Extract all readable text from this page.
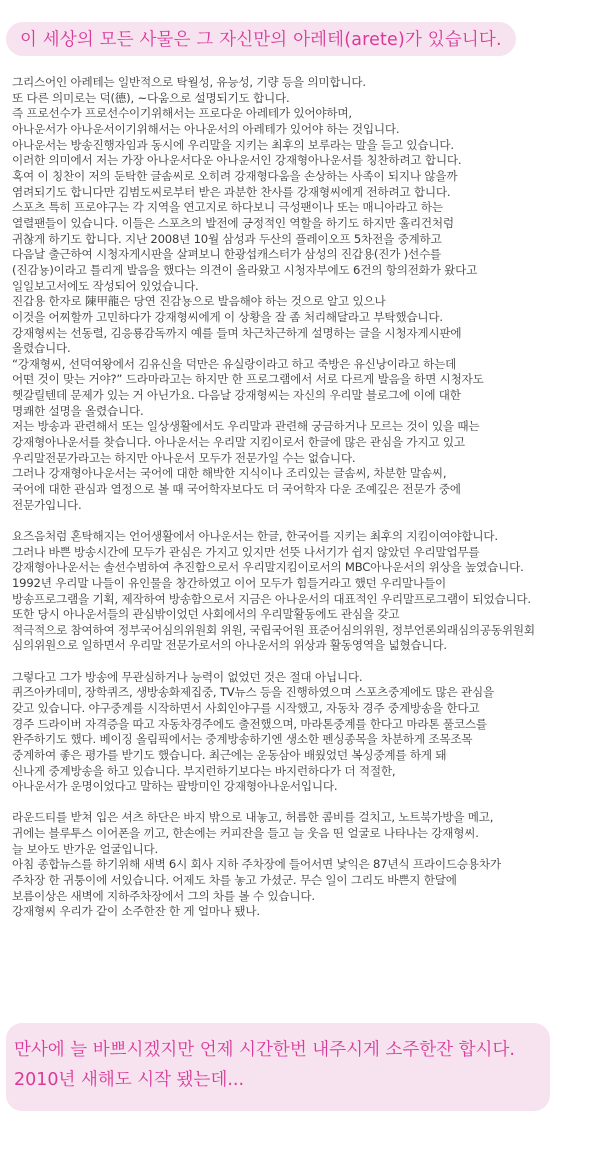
이 세상의 모든 사물은 그 자신만의 아레테(arete)가 있습니다.
그리스어인 아레테는 일반적으로 탁월성, 유능성, 기량 등을 의미합니다.
또 다른 의미로는 덕(德), ~다움으로 설명되기도 합니다.
즉 프로선수가 프로선수이기위해서는 프로다운 아레테가 있어야하며,
아나운서가 아나운서이기위해서는 아나운서의 아레테가 있어야 하는 것입니다.
아나운서는 방송진행자임과 동시에 우리말을 지키는 최후의 보루라는 말을 듣고 있습니다.
이러한 의미에서 저는 가장 아나운서다운 아나운서인 강재형아나운서를 칭찬하려고 합니다.
혹여 이 칭찬이 저의 둔탁한 글솜씨로 오히려 강재형다움을 손상하는 사족이 되지나 않을까
염려되기도 합니다만 김범도씨로부터 받은 과분한 찬사를 강재형씨에게 전하려고 합니다.
스포츠 특히 프로야구는 각 지역을 연고지로 하다보니 극성팬이나 또는 매니아라고 하는
열렬팬들이 있습니다. 이들은 스포츠의 발전에 긍정적인 역할을 하기도 하지만 훌리건처럼
귀찮게 하기도 합니다. 지난 2008년 10월 삼성과 두산의 플레이오프 5차전을 중계하고
다음날 출근하여 시청자게시판을 살펴보니 한광섭캐스터가 삼성의 진갑용(진가 )선수를
(진감뇽)이라고 틀리게 발음을 했다는 의견이 올라왔고 시청자부에도 6건의 항의전화가 왔다고
일일보고서에도 작성되어 있었습니다.
진갑용 한자로 陳甲龍은 당연 진감뇽으로 발음해야 하는 것으로 알고 있으나
이것을 어찌할까 고민하다가 강재형씨에게 이 상황을 잘 좀 처리해달라고 부탁했습니다.
강재형씨는 선동렬, 김응룡감독까지 예를 들며 차근차근하게 설명하는 글을 시청자게시판에
올렸습니다.
“강재형씨, 선덕여왕에서 김유신을 덕만은 유실랑이라고 하고 죽방은 유신낭이라고 하는데
어떤 것이 맞는 거야?” 드라마라고는 하지만 한 프로그램에서 서로 다르게 발음을 하면 시청자도
헷갈릴텐데 문제가 있는 거 아닌가요. 다음날 강재형씨는 자신의 우리말 블로그에 이에 대한
명쾌한 설명을 올렸습니다.
저는 방송과 관련해서 또는 일상생활에서도 우리말과 관련해 궁금하거나 모르는 것이 있을 때는
강재형아나운서를 찾습니다. 아나운서는 우리말 지킴이로서 한글에 많은 관심을 가지고 있고
우리말전문가라고는 하지만 아나운서 모두가 전문가일 수는 없습니다.
그러나 강재형아나운서는 국어에 대한 해박한 지식이나 조리있는 글솜씨, 차분한 말솜씨,
국어에 대한 관심과 열정으로 볼 때 국어학자보다도 더 국어학자 다운 조예깊은 전문가 중에
전문가입니다.
요즈음처럼 혼탁해지는 언어생활에서 아나운서는 한글, 한국어를 지키는 최후의 지킴이여야합니다.
그러나 바쁜 방송시간에 모두가 관심은 가지고 있지만 선뜻 나서기가 쉽지 않았던 우리말업무를
강재형아나운서는 솔선수범하여 추진함으로서 우리말지킴이로서의 MBC아나운서의 위상을 높였습니다.
1992년 우리말 나들이 유인물을 창간하였고 이어 모두가 힘들거라고 했던 우리말나들이
방송프로그램을 기획, 제작하여 방송함으로서 지금은 아나운서의 대표적인 우리말프로그램이 되었습니다.
또한 당시 아나운서들의 관심밖이었던 사회에서의 우리말활동에도 관심을 갖고
적극적으로 참여하여 정부국어심의위원회 위원, 국립국어원 표준어심의위원, 정부언론외래심의공동위원회
심의위원으로 일하면서 우리말 전문가로서의 아나운서의 위상과 활동영역을 넓혔습니다.
그렇다고 그가 방송에 무관심하거나 능력이 없었던 것은 절대 아닙니다.
퀴즈아카데미, 장학퀴즈, 생방송화제집중, TV뉴스 등을 진행하였으며 스포츠중계에도 많은 관심을
갖고 있습니다. 야구중계를 시작하면서 사회인야구를 시작했고, 자동차 경주 중계방송을 한다고
경주 드라이버 자격증을 따고 자동차경주에도 출전했으며, 마라톤중계를 한다고 마라톤 풀코스를
완주하기도 했다. 베이징 올림픽에서는 중계방송하기엔 생소한 펜싱종목을 차분하게 조목조목
중계하여 좋은 평가를 받기도 했습니다. 최근에는 운동삼아 배웠었던 복싱중계를 하게 돼
신나게 중계방송을 하고 있습니다. 부지런하기보다는 바지런하다가 더 적절한,
아나운서가 운명이었다고 말하는 팔방미인 강재형아나운서입니다.
라운드티를 받쳐 입은 셔츠 하단은 바지 밖으로 내놓고, 허름한 콤비를 걸치고, 노트북가방을 메고,
귀에는 블루투스 이어폰을 끼고, 한손에는 커피잔을 들고 늘 웃음 띤 얼굴로 나타나는 강재형씨.
늘 보아도 반가운 얼굴입니다.
아침 종합뉴스를 하기위해 새벽 6시 회사 지하 주차장에 들어서면 낯익은 87년식 프라이드승용차가
주차장 한 귀퉁이에 서있습니다. 어제도 차를 놓고 가셨군. 무슨 일이 그리도 바쁜지 한달에
보름이상은 새벽에 지하주차장에서 그의 차를 볼 수 있습니다.
강재형씨 우리가 같이 소주한잔 한 게 얼마나 됐나.
만사에 늘 바쁘시겠지만 언제 시간한번 내주시게 소주한잔 합시다.
2010년 새해도 시작 됐는데...
